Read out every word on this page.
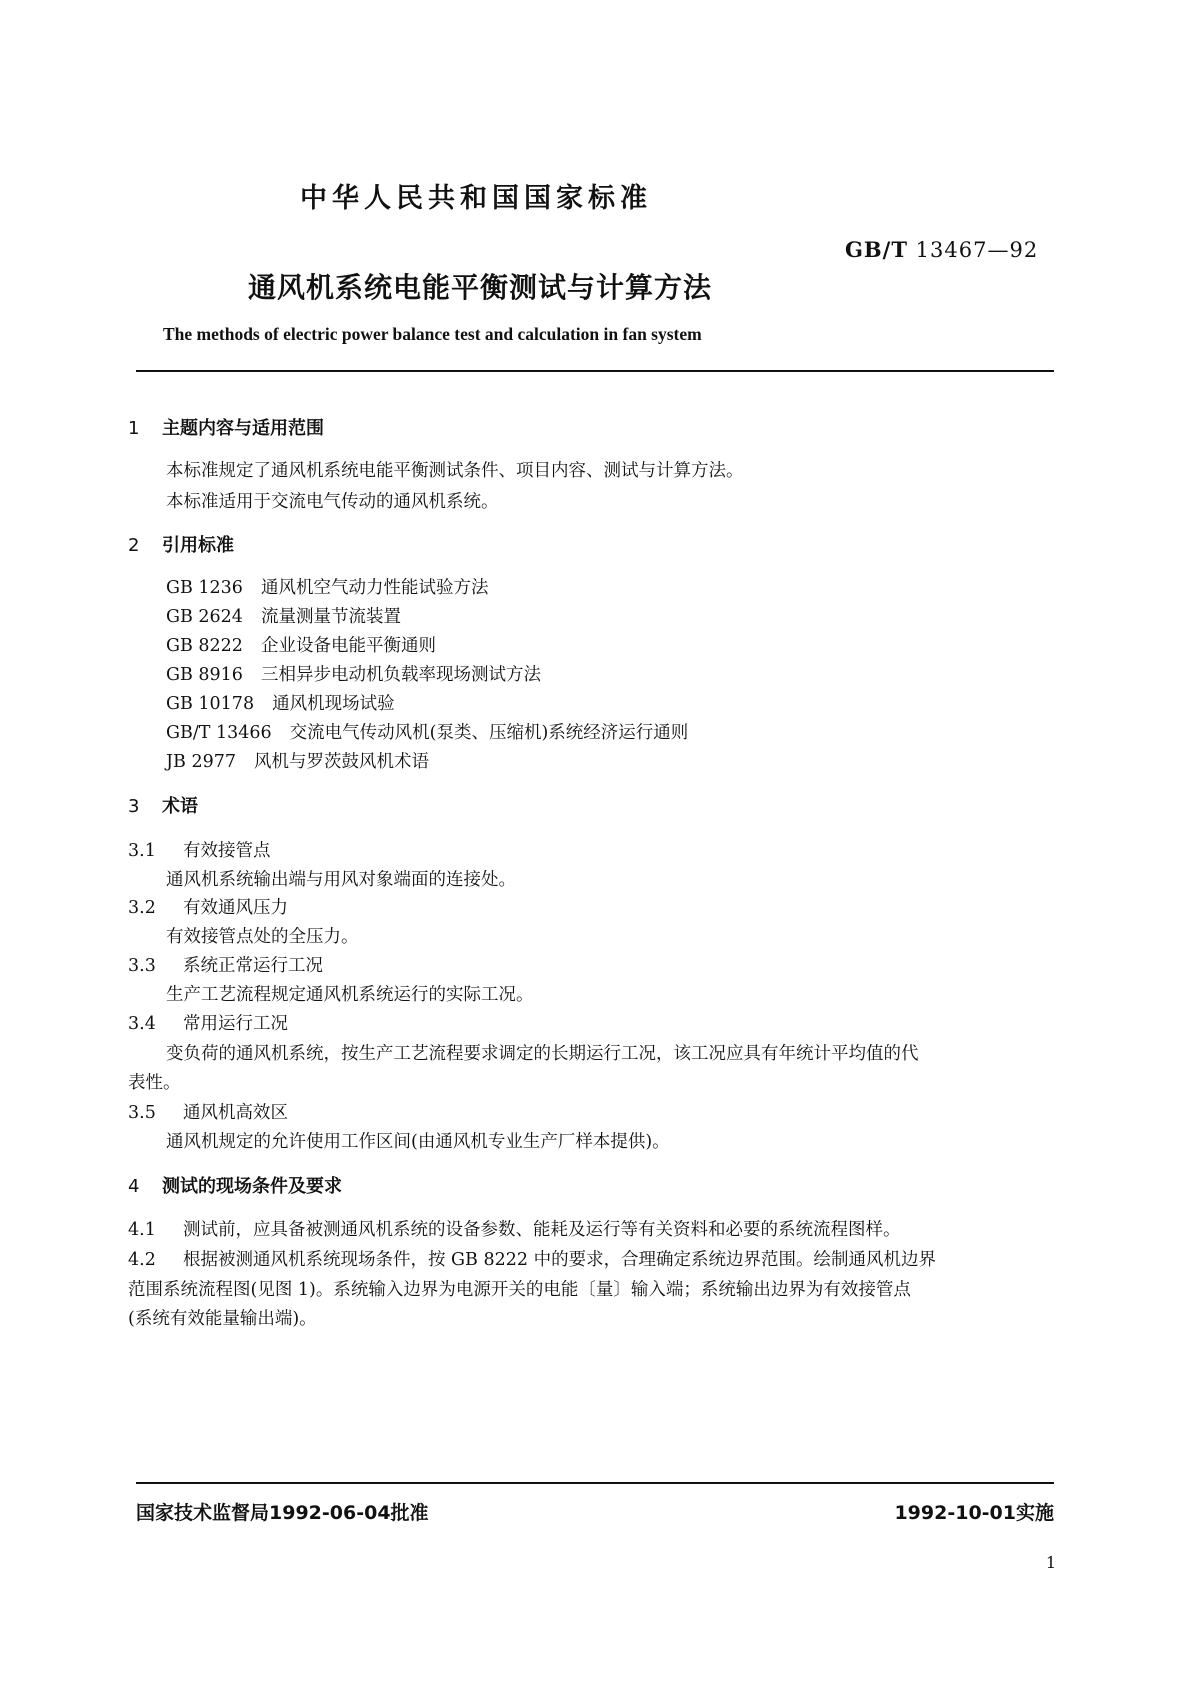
中华人民共和国国家标准
GB/T 13467—92
通风机系统电能平衡测试与计算方法
The methods of electric power balance test and calculation in fan system
1 主题内容与适用范围
本标准规定了通风机系统电能平衡测试条件、项目内容、测试与计算方法。
本标准适用于交流电气传动的通风机系统。
2 引用标准
GB 1236 通风机空气动力性能试验方法
GB 2624 流量测量节流装置
GB 8222 企业设备电能平衡通则
GB 8916 三相异步电动机负载率现场测试方法
GB 10178 通风机现场试验
GB/T 13466 交流电气传动风机(泵类、压缩机)系统经济运行通则
JB 2977 风机与罗茨鼓风机术语
3 术语
3.1 有效接管点
通风机系统输出端与用风对象端面的连接处。
3.2 有效通风压力
有效接管点处的全压力。
3.3 系统正常运行工况
生产工艺流程规定通风机系统运行的实际工况。
3.4 常用运行工况
变负荷的通风机系统，按生产工艺流程要求调定的长期运行工况，该工况应具有年统计平均值的代
表性。
3.5 通风机高效区
通风机规定的允许使用工作区间(由通风机专业生产厂样本提供)。
4 测试的现场条件及要求
4.1 测试前，应具备被测通风机系统的设备参数、能耗及运行等有关资料和必要的系统流程图样。
4.2 根据被测通风机系统现场条件，按 GB 8222 中的要求，合理确定系统边界范围。绘制通风机边界
范围系统流程图(见图 1)。系统输入边界为电源开关的电能〔量〕输入端；系统输出边界为有效接管点
(系统有效能量输出端)。
国家技术监督局1992-06-04批准	1992-10-01实施
1
